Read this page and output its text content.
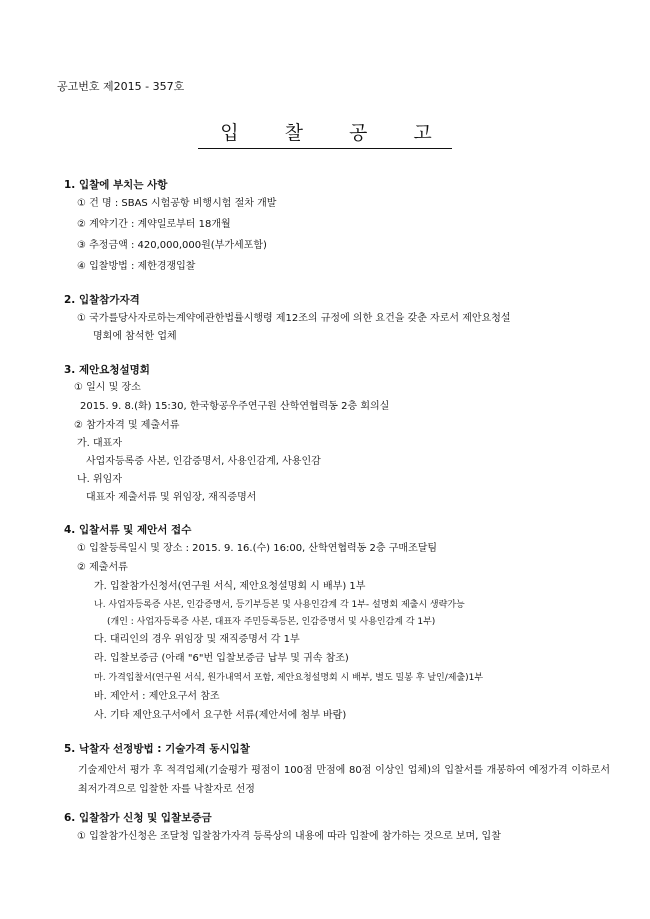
공고번호 제2015 - 357호
입 찰 공 고
1. 입찰에 부치는 사항
① 건 명 : SBAS 시험공항 비행시험 절차 개발
② 계약기간 : 계약일로부터 18개월
③ 추정금액 : 420,000,000원(부가세포함)
④ 입찰방법 : 제한경쟁입찰
2. 입찰참가자격
① 국가를당사자로하는계약에관한법률시행령 제12조의 규정에 의한 요건을 갖춘 자로서 제안요청설
명회에 참석한 업체
3. 제안요청설명회
① 일시 및 장소
2015. 9. 8.(화) 15:30, 한국항공우주연구원 산학연협력동 2층 회의실
② 참가자격 및 제출서류
가. 대표자
사업자등록증 사본, 인감증명서, 사용인감계, 사용인감
나. 위임자
대표자 제출서류 및 위임장, 재직증명서
4. 입찰서류 및 제안서 접수
① 입찰등록일시 및 장소 : 2015. 9. 16.(수) 16:00, 산학연협력동 2층 구매조달팀
② 제출서류
가. 입찰참가신청서(연구원 서식, 제안요청설명회 시 배부) 1부
나. 사업자등록증 사본, 인감증명서, 등기부등본 및 사용인감계 각 1부- 설명회 제출시 생략가능
(개인 : 사업자등록증 사본, 대표자 주민등록등본, 인감증명서 및 사용인감계 각 1부)
다. 대리인의 경우 위임장 및 재직증명서 각 1부
라. 입찰보증금 (아래 "6"번 입찰보증금 납부 및 귀속 참조)
마. 가격입찰서(연구원 서식, 원가내역서 포함, 제안요청설명회 시 배부, 별도 밀봉 후 날인/제출)1부
바. 제안서 : 제안요구서 참조
사. 기타 제안요구서에서 요구한 서류(제안서에 첨부 바람)
5. 낙찰자 선정방법 : 기술가격 동시입찰
기술제안서 평가 후 적격업체(기술평가 평점이 100점 만점에 80점 이상인 업체)의 입찰서를 개봉하여 예정가격 이하로서 최저가격으로 입찰한 자를 낙찰자로 선정
6. 입찰참가 신청 및 입찰보증금
① 입찰참가신청은 조달청 입찰참가자격 등록상의 내용에 따라 입찰에 참가하는 것으로 보며, 입찰
